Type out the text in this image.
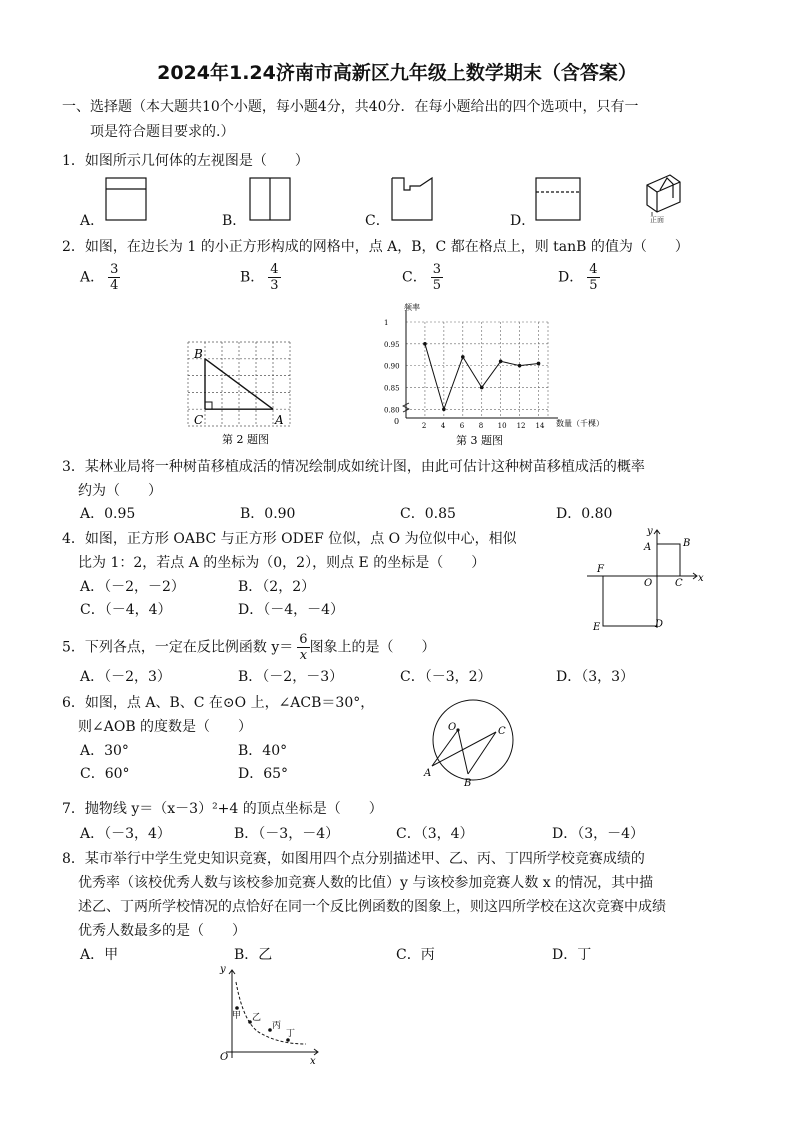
2024年1.24济南市高新区九年级上数学期末（含答案）
一、选择题（本大题共10个小题，每小题4分，共40分．在每小题给出的四个选项中，只有一
项是符合题目要求的.）
1．如图所示几何体的左视图是（　　）
A．	B．	C．	D．	正面
2．如图，在边长为 1 的小正方形构成的网格中，点 A，B，C 都在格点上，则 tanB 的值为（　　）
A． $\frac{3}{4}$	B． $\frac{4}{3}$	C． $\frac{3}{5}$	D． $\frac{4}{5}$
B
C	A
第 2 题图
2 4 6 8 10 12 14
0.80
0.85
0.90
0.95
1
频率
数量（千棵）
0
第 3 题图
3．某林业局将一种树苗移植成活的情况绘制成如统计图，由此可估计这种树苗移植成活的概率
约为（　　）
A．0.95	B．0.90	C．0.85	D．0.80
4．如图，正方形 OABC 与正方形 ODEF 位似，点 O 为位似中心，相似
比为 1：2，若点 A 的坐标为（0，2），则点 E 的坐标是（　　）
A．（－2，－2）	B．（2，2）
C．（－4，4）	D．（－4，－4）
y
x
A	B
F
O C
E	D
5．下列各点，一定在反比例函数 $y= \frac{6}{x}$ 图象上的是（　　）
A．（－2，3）	B．（－2，－3）	C．（－3，2）	D．（3，3）
6．如图，点 A、B、C 在⊙O 上，∠ACB＝30°，
则∠AOB 的度数是（　　）
A．30°	B．40°
C．60°	D．65°
O	C
A
B
7．抛物线 y＝（x－3）²+4 的顶点坐标是（　　）
A．（－3，4）	B．（－3，－4）	C．（3，4）	D．（3，－4）
8．某市举行中学生党史知识竞赛，如图用四个点分别描述甲、乙、丙、丁四所学校竞赛成绩的
优秀率（该校优秀人数与该校参加竞赛人数的比值）y 与该校参加竞赛人数 x 的情况，其中描
述乙、丁两所学校情况的点恰好在同一个反比例函数的图象上，则这四所学校在这次竞赛中成绩
优秀人数最多的是（　　）
A．甲	B．乙	C．丙	D．丁
y
x
O
甲 乙
丙
丁
